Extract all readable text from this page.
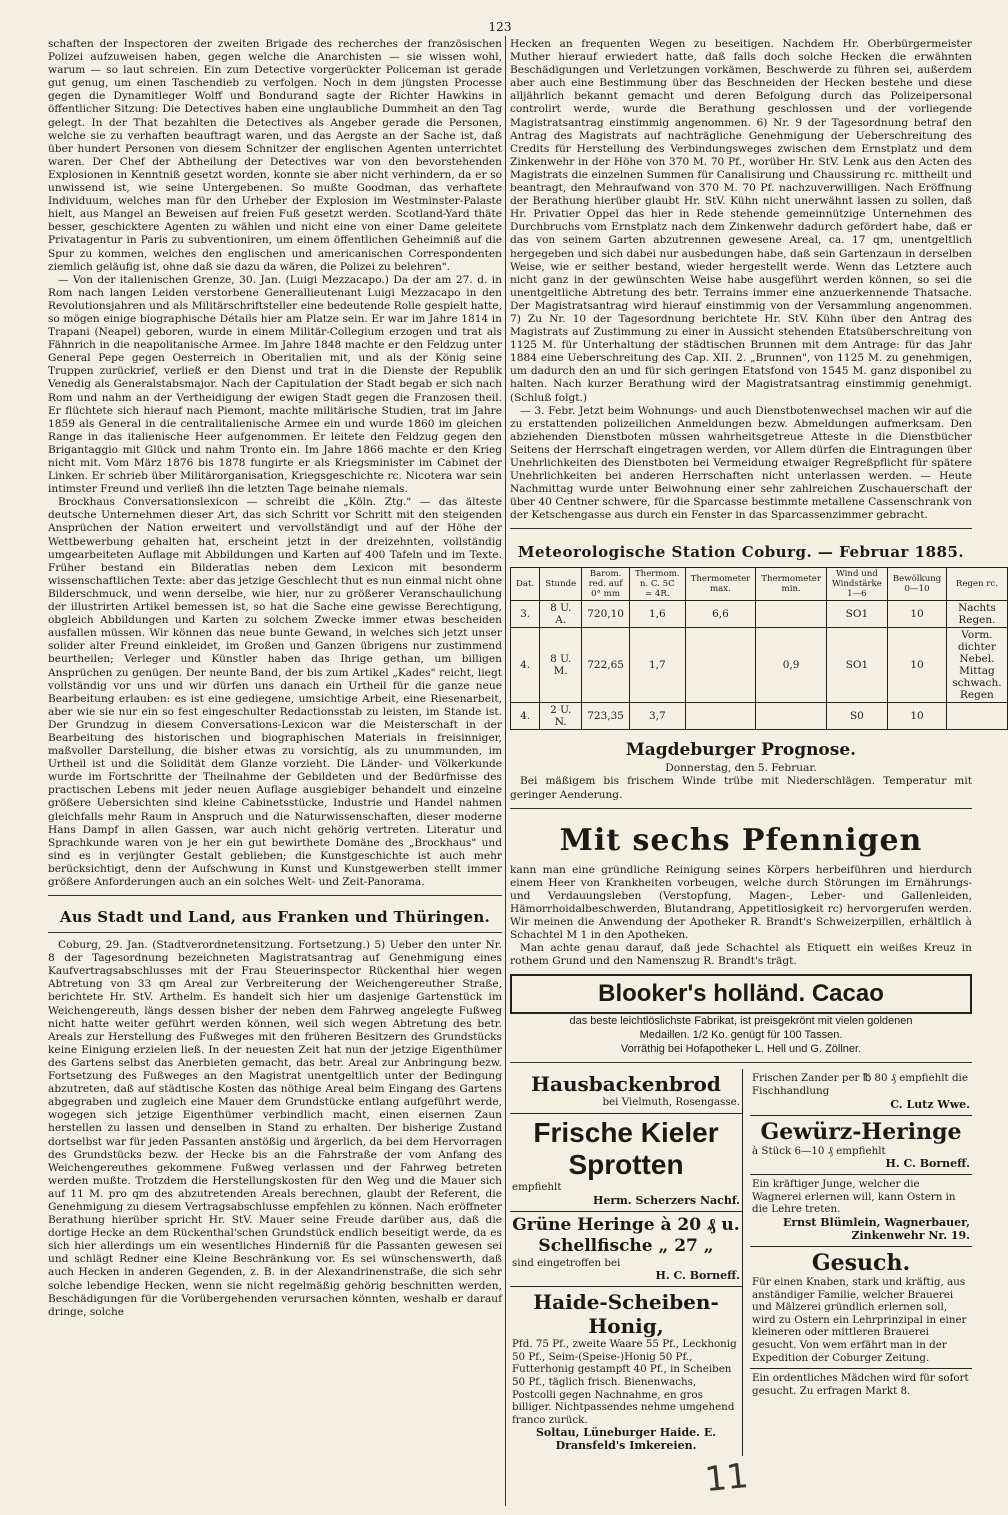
123

schaften der Inspectoren der zweiten Brigade des recherches der französischen Polizei aufzuweisen haben, gegen welche die Anarchisten — sie wissen wohl, warum — so laut schreien. Ein zum Detective vorgerückter Policeman ist gerade gut genug, um einen Taschendieb zu verfolgen. Noch in dem jüngsten Processe gegen die Dynamitleger Wolff und Bondurand sagte der Richter Hawkins in öffentlicher Sitzung: Die Detectives haben eine unglaubliche Dummheit an den Tag gelegt. In der That bezahlten die Detectives als Angeber gerade die Personen, welche sie zu verhaften beauftragt waren, und das Aergste an der Sache ist, daß über hundert Personen von diesem Schnitzer der englischen Agenten unterrichtet waren. Der Chef der Abtheilung der Detectives war von den bevorstehenden Explosionen in Kenntniß gesetzt worden, konnte sie aber nicht verhindern, da er so unwissend ist, wie seine Untergebenen. So mußte Goodman, das verhaftete Individuum, welches man für den Urheber der Explosion im Westminster-Palaste hielt, aus Mangel an Beweisen auf freien Fuß gesetzt werden. Scotland-Yard thäte besser, geschicktere Agenten zu wählen und nicht eine von einer Dame geleitete Privatagentur in Paris zu subventioniren, um einem öffentlichen Geheimniß auf die Spur zu kommen, welches den englischen und americanischen Correspondenten ziemlich geläufig ist, ohne daß sie dazu da wären, die Polizei zu belehren".

— Von der italienischen Grenze, 30. Jan. (Luigi Mezzacapo.) Da der am 27. d. in Rom nach langen Leiden verstorbene Generallieutenant Luigi Mezzacapo in den Revolutionsjahren und als Militärschriftsteller eine bedeutende Rolle gespielt hatte, so mögen einige biographische Détails hier am Platze sein. Er war im Jahre 1814 in Trapani (Neapel) geboren, wurde in einem Militär-Collegium erzogen und trat als Fähnrich in die neapolitanische Armee. Im Jahre 1848 machte er den Feldzug unter General Pepe gegen Oesterreich in Oberitalien mit, und als der König seine Truppen zurückrief, verließ er den Dienst und trat in die Dienste der Republik Venedig als Generalstabsmajor. Nach der Capitulation der Stadt begab er sich nach Rom und nahm an der Vertheidigung der ewigen Stadt gegen die Franzosen theil. Er flüchtete sich hierauf nach Piemont, machte militärische Studien, trat im Jahre 1859 als General in die centralitalienische Armee ein und wurde 1860 im gleichen Range in das italienische Heer aufgenommen. Er leitete den Feldzug gegen den Brigantaggio mit Glück und nahm Tronto ein. Im Jahre 1866 machte er den Krieg nicht mit. Vom März 1876 bis 1878 fungirte er als Kriegsminister im Cabinet der Linken. Er schrieb über Militärorganisation, Kriegsgeschichte rc. Nicotera war sein intimster Freund und verließ ihn die letzten Tage beinahe niemals.

Brockhaus Conversationslexicon — schreibt die „Köln. Ztg." — das älteste deutsche Unternehmen dieser Art, das sich Schritt vor Schritt mit den steigenden Ansprüchen der Nation erweitert und vervollständigt und auf der Höhe der Wettbewerbung gehalten hat, erscheint jetzt in der dreizehnten, vollständig umgearbeiteten Auflage mit Abbildungen und Karten auf 400 Tafeln und im Texte. Früher bestand ein Bilderatlas neben dem Lexicon mit besonderm wissenschaftlichen Texte: aber das jetzige Geschlecht thut es nun einmal nicht ohne Bilderschmuck, und wenn derselbe, wie hier, nur zu größerer Veranschaulichung der illustrirten Artikel bemessen ist, so hat die Sache eine gewisse Berechtigung, obgleich Abbildungen und Karten zu solchem Zwecke immer etwas bescheiden ausfallen müssen. Wir können das neue bunte Gewand, in welches sich jetzt unser solider alter Freund einkleidet, im Großen und Ganzen übrigens nur zustimmend beurtheilen; Verleger und Künstler haben das Ihrige gethan, um billigen Ansprüchen zu genügen. Der neunte Band, der bis zum Artikel „Kades" reicht, liegt vollständig vor uns und wir dürfen uns danach ein Urtheil für die ganze neue Bearbeitung erlauben: es ist eine gediegene, umsichtige Arbeit, eine Riesenarbeit, aber wie sie nur ein so fest eingeschulter Redactionsstab zu leisten, im Stande ist. Der Grundzug in diesem Conversations-Lexicon war die Meisterschaft in der Bearbeitung des historischen und biographischen Materials in freisinniger, maßvoller Darstellung, die bisher etwas zu vorsichtig, als zu unummunden, im Urtheil ist und die Solidität dem Glanze vorzieht. Die Länder- und Völkerkunde wurde im Fortschritte der Theilnahme der Gebildeten und der Bedürfnisse des practischen Lebens mit jeder neuen Auflage ausgiebiger behandelt und einzelne größere Uebersichten sind kleine Cabinetsstücke, Industrie und Handel nahmen gleichfalls mehr Raum in Anspruch und die Naturwissenschaften, dieser moderne Hans Dampf in allen Gassen, war auch nicht gehörig vertreten. Literatur und Sprachkunde waren von je her ein gut bewirthete Domäne des „Brockhaus" und sind es in verjüngter Gestalt geblieben; die Kunstgeschichte ist auch mehr berücksichtigt, denn der Aufschwung in Kunst und Kunstgewerben stellt immer größere Anforderungen auch an ein solches Welt- und Zeit-Panorama.

Aus Stadt und Land, aus Franken und Thüringen.

Coburg, 29. Jan. (Stadtverordnetensitzung. Fortsetzung.) 5) Ueber den unter Nr. 8 der Tagesordnung bezeichneten Magistratsantrag auf Genehmigung eines Kaufvertragsabschlusses mit der Frau Steuerinspector Rückenthal hier wegen Abtretung von 33 qm Areal zur Verbreiterung der Weichengereuther Straße, berichtete Hr. StV. Arthelm. Es handelt sich hier um dasjenige Gartenstück im Weichengereuth, längs dessen bisher der neben dem Fahrweg angelegte Fußweg nicht hatte weiter geführt werden können, weil sich wegen Abtretung des betr. Areals zur Herstellung des Fußweges mit den früheren Besitzern des Grundstücks keine Einigung erzielen ließ. In der neuesten Zeit hat nun der jetzige Eigenthümer des Gartens selbst das Anerbieten gemacht, das betr. Areal zur Anbringung bezw. Fortsetzung des Fußweges an den Magistrat unentgeltlich unter der Bedingung abzutreten, daß auf städtische Kosten das nöthige Areal beim Eingang des Gartens abgegraben und zugleich eine Mauer dem Grundstücke entlang aufgeführt werde, wogegen sich jetzige Eigenthümer verbindlich macht, einen eisernen Zaun herstellen zu lassen und denselben in Stand zu erhalten. Der bisherige Zustand dortselbst war für jeden Passanten anstößig und ärgerlich, da bei dem Hervorragen des Grundstücks bezw. der Hecke bis an die Fahrstraße der vom Anfang des Weichengereuthes gekommene Fußweg verlassen und der Fahrweg betreten werden mußte. Trotzdem die Herstellungskosten für den Weg und die Mauer sich auf 11 M. pro qm des abzutretenden Areals berechnen, glaubt der Referent, die Genehmigung zu diesem Vertragsabschlusse empfehlen zu können. Nach eröffneter Berathung hierüber spricht Hr. StV. Mauer seine Freude darüber aus, daß die dortige Hecke an dem Rückenthal'schen Grundstück endlich beseitigt werde, da es sich hier allerdings um ein wesentliches Hinderniß für die Passanten gewesen sei und schlägt Redner eine Kleine Beschränkung vor. Es sei wünschenswerth, daß auch Hecken in anderen Gegenden, z. B. in der Alexandrinenstraße, die sich sehr solche lebendige Hecken, wenn sie nicht regelmäßig gehörig beschnitten werden, Beschädigungen für die Vorübergehenden verursachen könnten, weshalb er darauf dringe, solche

Hecken an frequenten Wegen zu beseitigen. Nachdem Hr. Oberbürgermeister Muther hierauf erwiedert hatte, daß falls doch solche Hecken die erwähnten Beschädigungen und Verletzungen vorkämen, Beschwerde zu führen sei, außerdem aber auch eine Bestimmung über das Beschneiden der Hecken bestehe und diese alljährlich bekannt gemacht und deren Befolgung durch das Polizeipersonal controlirt werde, wurde die Berathung geschlossen und der vorliegende Magistratsantrag einstimmig angenommen. 6) Nr. 9 der Tagesordnung betraf den Antrag des Magistrats auf nachträgliche Genehmigung der Ueberschreitung des Credits für Herstellung des Verbindungsweges zwischen dem Ernstplatz und dem Zinkenwehr in der Höhe von 370 M. 70 Pf., worüber Hr. StV. Lenk aus den Acten des Magistrats die einzelnen Summen für Canalisirung und Chaussirung rc. mittheilt und beantragt, den Mehraufwand von 370 M. 70 Pf. nachzuverwilligen. Nach Eröffnung der Berathung hierüber glaubt Hr. StV. Kühn nicht unerwähnt lassen zu sollen, daß Hr. Privatier Oppel das hier in Rede stehende gemeinnützige Unternehmen des Durchbruchs vom Ernstplatz nach dem Zinkenwehr dadurch gefördert habe, daß er das von seinem Garten abzutrennen gewesene Areal, ca. 17 qm, unentgeltlich hergegeben und sich dabei nur ausbedungen habe, daß sein Gartenzaun in derselben Weise, wie er seither bestand, wieder hergestellt werde. Wenn das Letztere auch nicht ganz in der gewünschten Weise habe ausgeführt werden können, so sei die unentgeltliche Abtretung des betr. Terrains immer eine anzuerkennende Thatsache. Der Magistratsantrag wird hierauf einstimmig von der Versammlung angenommen. 7) Zu Nr. 10 der Tagesordnung berichtete Hr. StV. Kühn über den Antrag des Magistrats auf Zustimmung zu einer in Aussicht stehenden Etatsüberschreitung von 1125 M. für Unterhaltung der städtischen Brunnen mit dem Antrage: für das Jahr 1884 eine Ueberschreitung des Cap. XII. 2. „Brunnen", von 1125 M. zu genehmigen, um dadurch den an und für sich geringen Etatsfond von 1545 M. ganz disponibel zu halten. Nach kurzer Berathung wird der Magistratsantrag einstimmig genehmigt. (Schluß folgt.)

— 3. Febr. Jetzt beim Wohnungs- und auch Dienstbotenwechsel machen wir auf die zu erstattenden polizeilichen Anmeldungen bezw. Abmeldungen aufmerksam. Den abziehenden Dienstboten müssen wahrheitsgetreue Atteste in die Dienstbücher Seitens der Herrschaft eingetragen werden, vor Allem dürfen die Eintragungen über Unehrlichkeiten des Dienstboten bei Vermeidung etwaiger Regreßpflicht für spätere Unehrlichkeiten bei anderen Herrschaften nicht unterlassen werden. — Heute Nachmittag wurde unter Beiwohnung einer sehr zahlreichen Zuschauerschaft der über 40 Centner schwere, für die Sparcasse bestimmte metallene Cassenschrank von der Ketschengasse aus durch ein Fenster in das Sparcassenzimmer gebracht.

Meteorologische Station Coburg. — Februar 1885.
Dat.	Stunde	Barom. red. auf 0° mm	Thermom. n. C. 5C = 4R.	Thermometer max.	Thermometer min.	Wind und Windstärke 1—6	Bewölkung 0—10	Regen rc.
3.	8 U. A.	720,10	1,6	6,6		SO1	10	Nachts Regen.
4.	8 U. M.	722,65	1,7		0,9	SO1	10	Vorm. dichter Nebel. Mittag schwach. Regen
4.	2 U. N.	723,35	3,7			S0	10	
Magdeburger Prognose.
Donnerstag, den 5. Februar.

Bei mäßigem bis frischem Winde trübe mit Niederschlägen. Temperatur mit geringer Aenderung.

Mit sechs Pfennigen

kann man eine gründliche Reinigung seines Körpers herbeiführen und hierdurch einem Heer von Krankheiten vorbeugen, welche durch Störungen im Ernährungs- und Verdauungsleben (Verstopfung, Magen-, Leber- und Gallenleiden, Hämorrhoidalbeschwerden, Blutandrang, Appetitlosigkeit rc) hervorgerufen werden. Wir meinen die Anwendung der Apotheker R. Brandt's Schweizerpillen, erhältlich à Schachtel M 1 in den Apotheken.

Man achte genau darauf, daß jede Schachtel als Etiquett ein weißes Kreuz in rothem Grund und den Namenszug R. Brandt's trägt.

Blooker's holländ. Cacao
das beste leichtlöslichste Fabrikat, ist preisgekrönt mit vielen goldenen
Medaillen. 1/2 Ko. genügt für 100 Tassen.
Vorräthig bei Hofapotheker L. Hell und G. Zöllner.
Hausbackenbrod
bei Vielmuth, Rosengasse.
Frische Kieler Sprotten
empfiehlt
Herm. Scherzers Nachf.
Grüne Heringe à 20 ₰ u. Schellfische „ 27 „
sind eingetroffen bei
H. C. Borneff.
Haide-Scheiben-Honig,
Pfd. 75 Pf., zweite Waare 55 Pf., Leckhonig 50 Pf., Seim-(Speise-)Honig 50 Pf., Futterhonig gestampft 40 Pf., in Scheiben 50 Pf., täglich frisch. Bienenwachs, Postcolli gegen Nachnahme, en gros billiger. Nichtpassendes nehme umgehend franco zurück.
Soltau, Lüneburger Haide. E. Dransfeld's Imkereien.
Frischen Zander per ℔ 80 ₰ empfiehlt die Fischhandlung
C. Lutz Wwe.
Gewürz-Heringe
à Stück 6—10 ₰ empfiehlt
H. C. Borneff.
Ein kräftiger Junge, welcher die Wagnerei erlernen will, kann Ostern in die Lehre treten.
Ernst Blümlein, Wagnerbauer, Zinkenwehr Nr. 19.
Gesuch.
Für einen Knaben, stark und kräftig, aus anständiger Familie, welcher Brauerei und Mälzerei gründlich erlernen soll, wird zu Ostern ein Lehrprinzipal in einer kleineren oder mittleren Brauerei gesucht. Von wem erfährt man in der Expedition der Coburger Zeitung.
Ein ordentliches Mädchen wird für sofort gesucht. Zu erfragen Markt 8.
11
